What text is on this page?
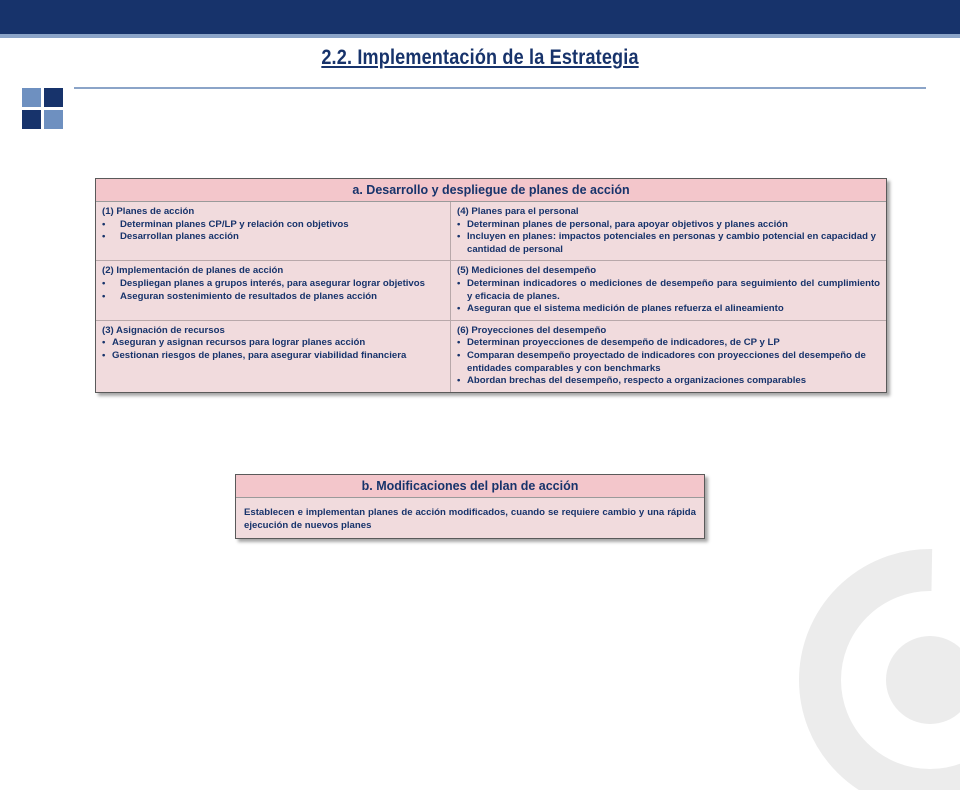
2.2. Implementación de la Estrategia
a. Desarrollo y despliegue de planes de acción
(1) Planes de acción
• Determinan planes CP/LP y relación con objetivos
• Desarrollan planes acción
(4) Planes para el personal
• Determinan planes de personal, para apoyar objetivos y planes acción
• Incluyen en planes: impactos potenciales en personas y cambio potencial en capacidad y cantidad de personal
(2) Implementación de planes de acción
• Despliegan planes a grupos interés, para asegurar lograr objetivos
• Aseguran sostenimiento de resultados de planes acción
(5) Mediciones del desempeño
• Determinan indicadores o mediciones de desempeño para seguimiento del cumplimiento y eficacia de planes.
• Aseguran que el sistema medición de planes refuerza el alineamiento
(3) Asignación de recursos
• Aseguran y asignan recursos para lograr planes acción
• Gestionan riesgos de planes, para asegurar viabilidad financiera
(6) Proyecciones del desempeño
• Determinan proyecciones de desempeño de indicadores, de CP y LP
• Comparan desempeño proyectado de indicadores con proyecciones del desempeño de entidades comparables y con benchmarks
• Abordan brechas del desempeño, respecto a organizaciones comparables
b. Modificaciones del plan de acción
Establecen e implementan planes de acción modificados, cuando se requiere cambio y una rápida ejecución de nuevos planes
